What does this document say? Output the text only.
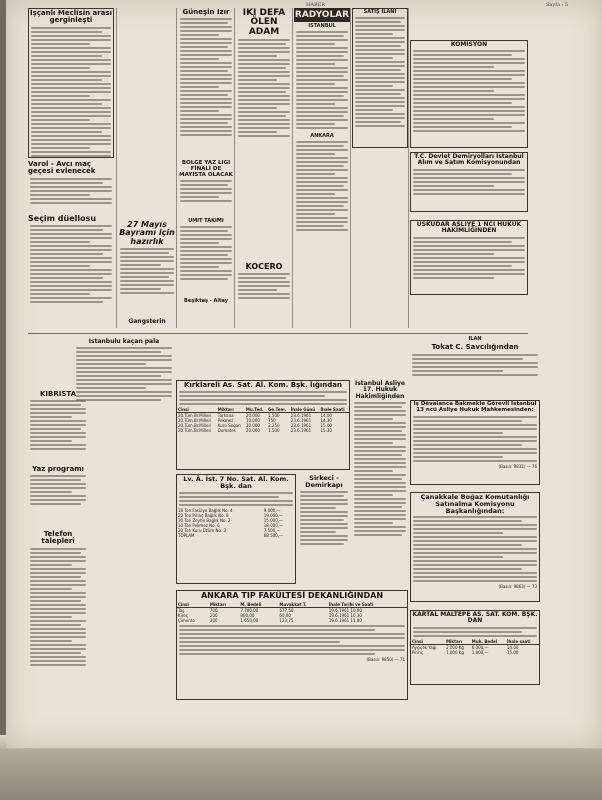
HABER	Sayfa : 5
İşçanlı Meclisin arası gerginleşti
Güneşin Izır	IKI DEFA ÖLEN ADAM
RADYOLAR
ISTANBUL
ANKARA
SATIŞ İLANI
KOMİSYON
Varol - Avcı maç geçesi evlenecek
T.C. Devlet Demiryolları İstanbul Alım ve Satım Komisyonundan
BÖLGE YAZ LİGİ FİNALİ DE MAYISTA OLACAK
ÜMİT TAKIMI
Seçim düellosu
27 Mayıs Bayramı için hazırlık
ÜSKÜDAR ASLİYE 1 NCİ HUKUK HAKİMLİĞİNDEN
KOCERO
Gangsterin
Beşiktaş - Altay
İLAN
Tokat C. Savcılığından
İstanbulu kaçan pala
KIBRISTA
İstanbul Asliye 17. Hukuk Hakimliğinden
Kırklareli As. Sat. Al. Kom. Bşk. lığından
Cinsi	Miktarı	Mu.Ted.	Ge.Tem.	İhale Günü	İhale Saati
20.Tüm.Br.Milleri	Tarhana	20.000	1.500	23.6.1961	14.00
20.Tüm.Br.Milleri	Pekmez	10.000	750	23.6.1961	14.30
20.Tüm.Br.Milleri	Kuru Soğan	30.000	2.250	23.6.1961	15.00
20.Tüm.Br.Milleri	Domates	20.000	1.500	23.6.1961	15.30
İş Dévalanca Bakmekle Görevli İstanbul 13 ncü Asliye Hukuk Mahkemesinden:
(Basın: 9831) — 76
Yaz programı
Lv. Â. İst. 7 No. Sat. Al. Kom. Bşk. dan
18 Ton Fasülye Bağlık No. 4	9.000,—
20 Ton Pirinç Bağlık No. 8	19.000,—
30 Ton Zeytin Bağlık No. 2	15.000,—
10 Ton Pekmez No. 6	18.000,—
20 Ton Kuru Üzüm No. 3	7.500,—
TOPLAM	68.500,—
Sirkeci - Demirkapı
Telefon talepleri
Çanakkale Boğaz Komutanlığı Satınalma Komisyonu Başkanlığından:
(Basın: 9863) — 73
ANKARA TIP FAKÜLTESİ DEKANLIĞINDAN
Cinsi	Miktarı	M. Bedeli	Muvakkat T.	İhale Tarihi ve Saati
Taş	700	7.700,00	577,50	19.6.1961 10.00
Kireç	200	800,00	60,00	19.6.1961 10.30
Çimento	300	1.650,00	123,75	19.6.1961 11.00
(Basın: 9850) — 71
KARTAL MALTEPE AS. SAT. KOM. BŞK. DAN
Cinsi	Miktarı	Muh. Bedel	İhale saati
Ayçiçek Yağı	2.000 Kg	6.000,—	14.00
Pirinç	1.000 Kg	1.800,—	15.00
